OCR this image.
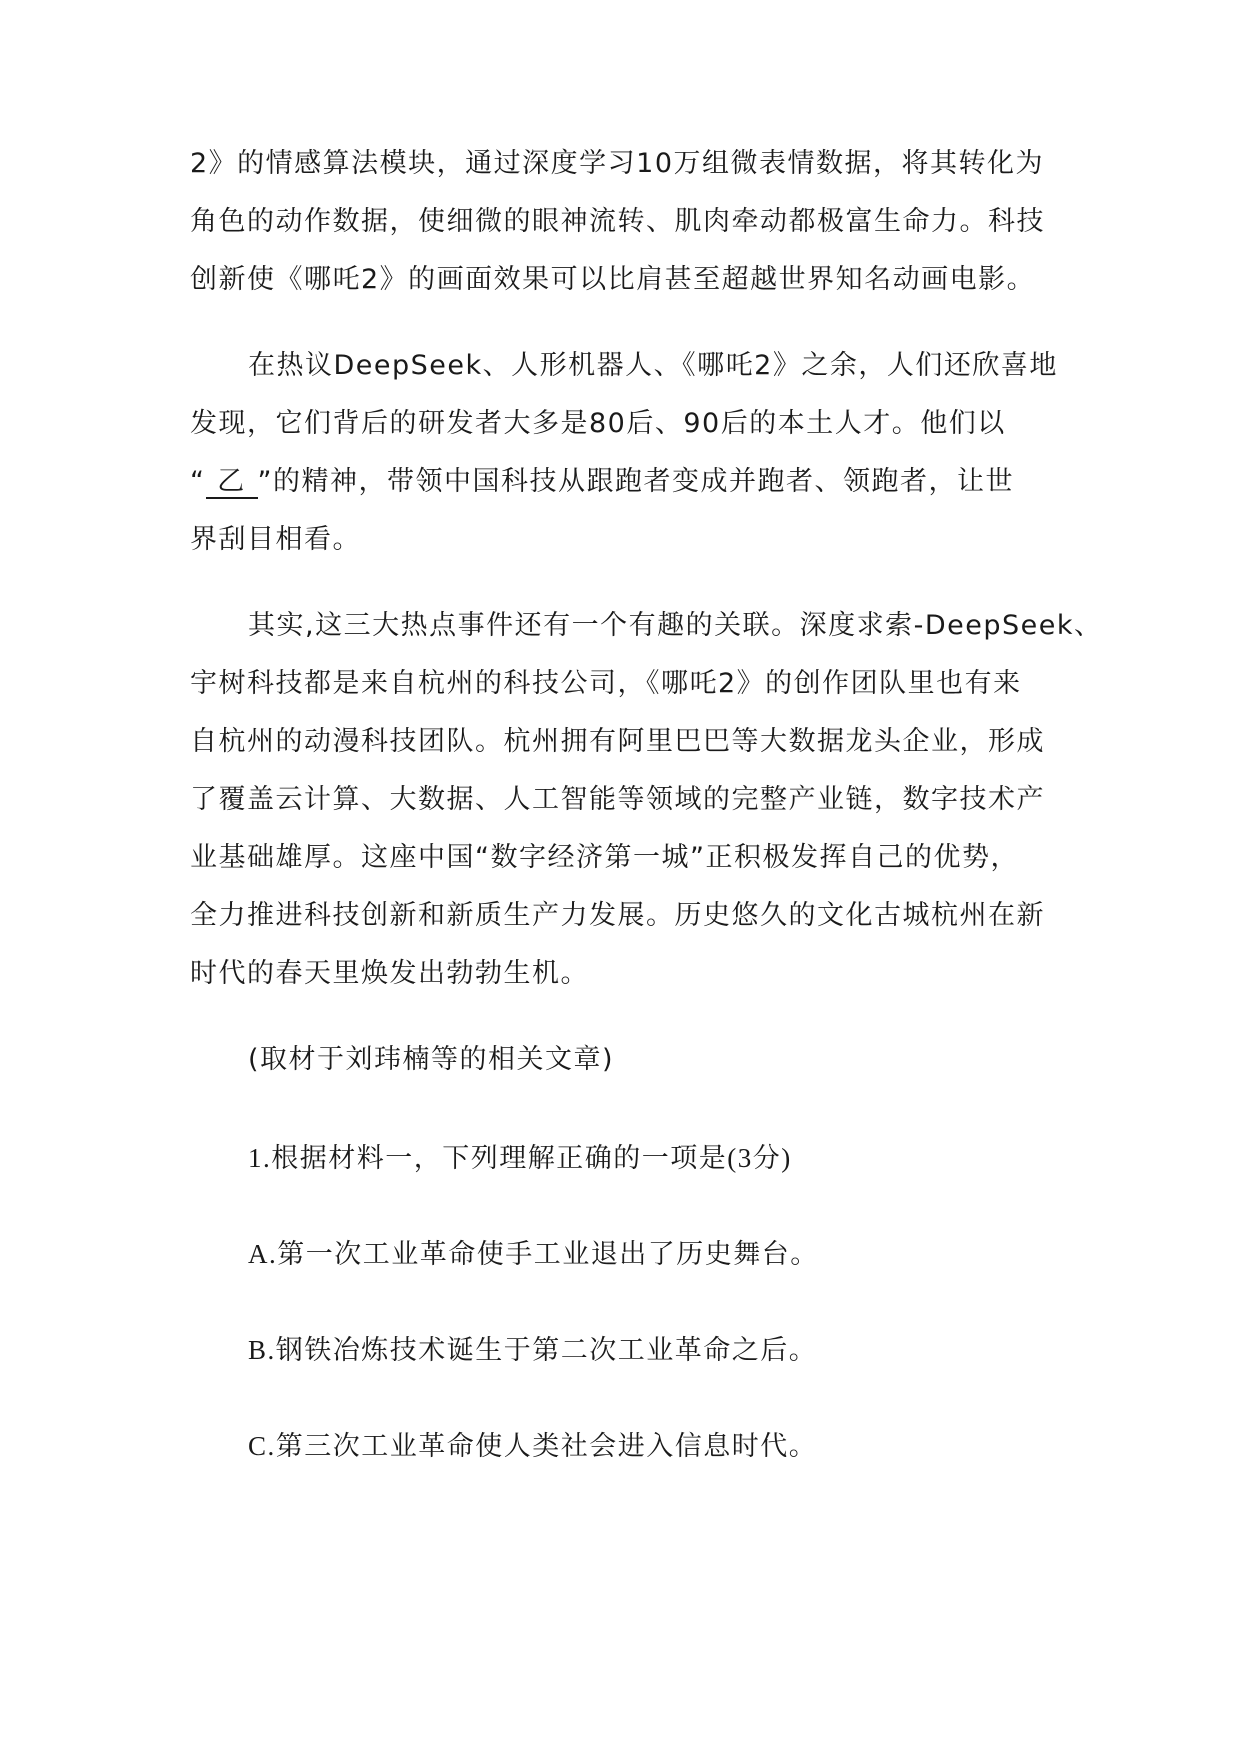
2》的情感算法模块，通过深度学习10万组微表情数据，将其转化为
角色的动作数据，使细微的眼神流转、肌肉牵动都极富生命力。科技
创新使《哪吒2》的画面效果可以比肩甚至超越世界知名动画电影。
在热议DeepSeek、人形机器人、《哪吒2》之余，人们还欣喜地
发现，它们背后的研发者大多是80后、90后的本土人才。他们以
“ 乙 ”的精神，带领中国科技从跟跑者变成并跑者、领跑者，让世
界刮目相看。
其实,这三大热点事件还有一个有趣的关联。深度求索-DeepSeek、
宇树科技都是来自杭州的科技公司，《哪吒2》的创作团队里也有来
自杭州的动漫科技团队。杭州拥有阿里巴巴等大数据龙头企业，形成
了覆盖云计算、大数据、人工智能等领域的完整产业链，数字技术产
业基础雄厚。这座中国“数字经济第一城”正积极发挥自己的优势，
全力推进科技创新和新质生产力发展。历史悠久的文化古城杭州在新
时代的春天里焕发出勃勃生机。
(取材于刘玮楠等的相关文章)
1.根据材料一，下列理解正确的一项是(3分)
A.第一次工业革命使手工业退出了历史舞台。
B.钢铁冶炼技术诞生于第二次工业革命之后。
C.第三次工业革命使人类社会进入信息时代。
